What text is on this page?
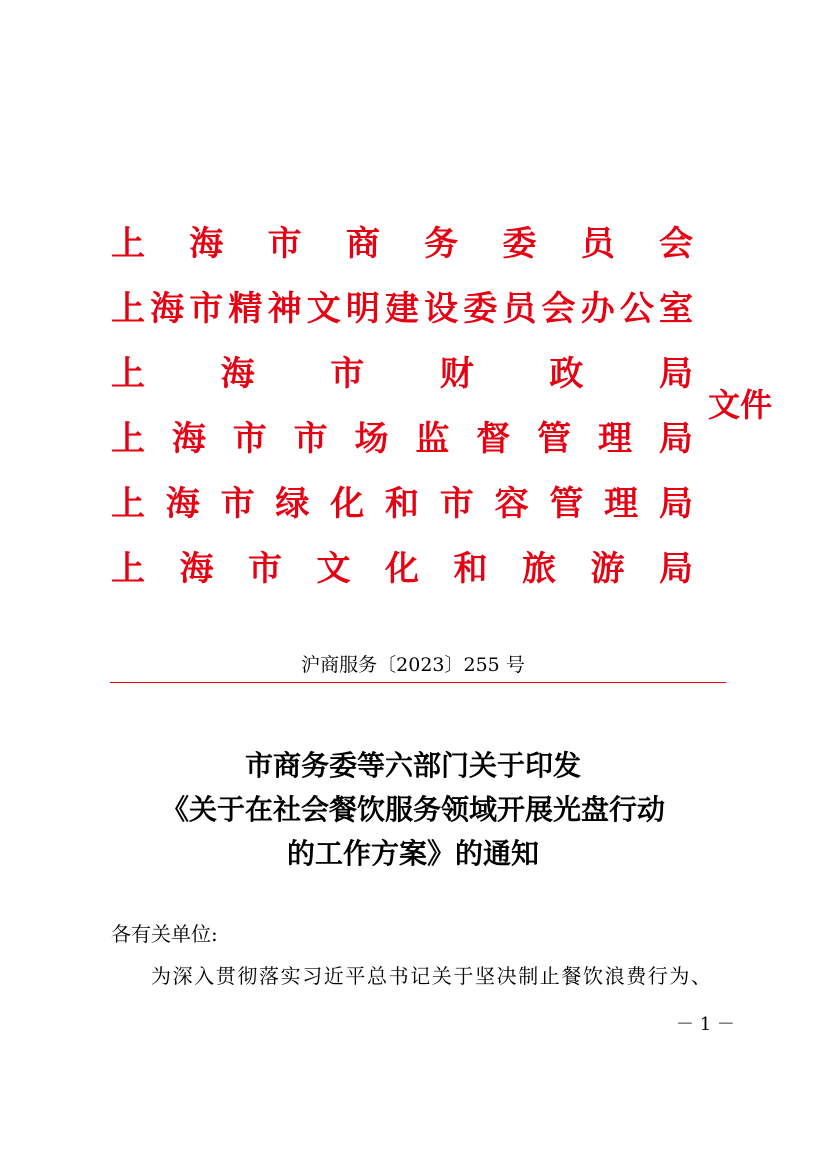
上 海 市 商 务 委 员 会
上 海 市 精 神 文 明 建 设 委 员 会 办 公 室
上 海 市 财 政 局
上 海 市 市 场 监 督 管 理 局
上 海 市 绿 化 和 市 容 管 理 局
上 海 市 文 化 和 旅 游 局
文件
沪商服务〔2023〕255 号
市商务委等六部门关于印发
《关于在社会餐饮服务领域开展光盘行动
的工作方案》的通知
各有关单位:
为深入贯彻落实习近平总书记关于坚决制止餐饮浪费行为、
－ 1 －
